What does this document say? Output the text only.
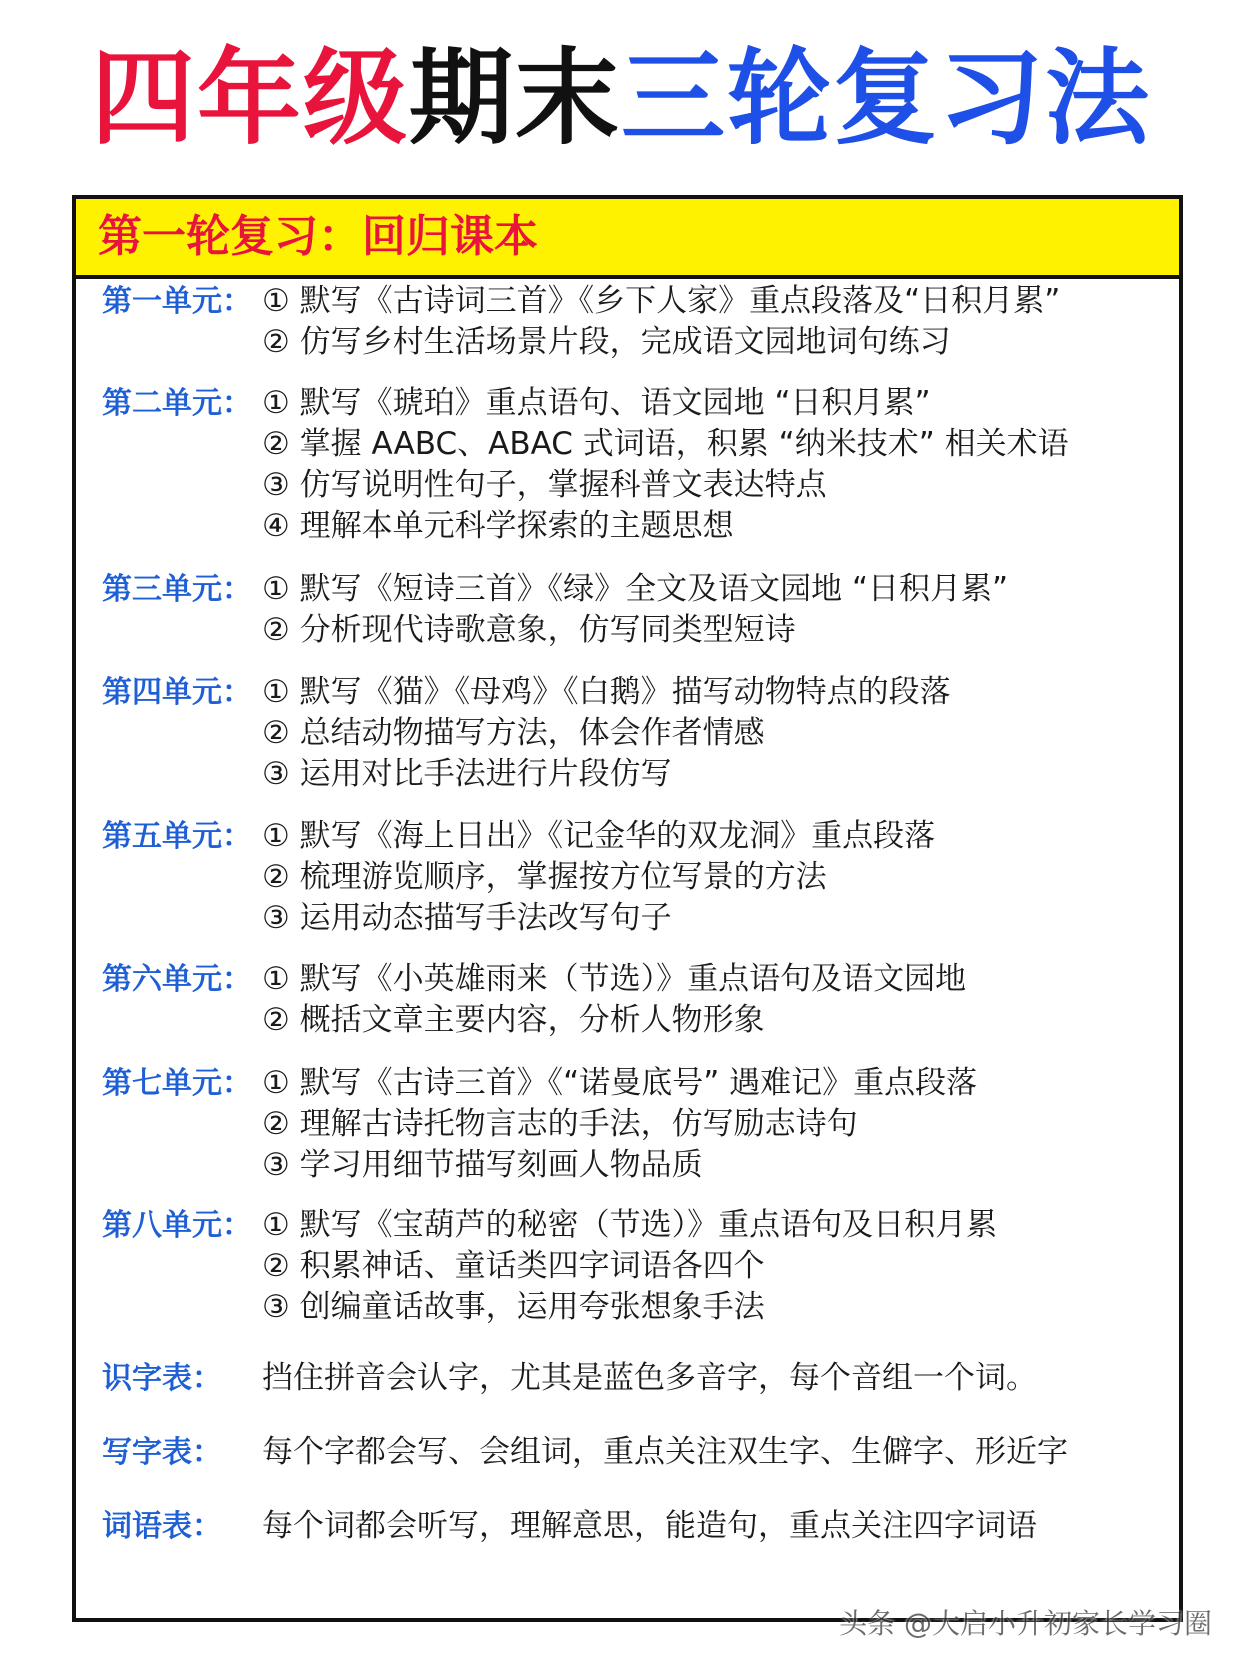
四年级期末三轮复习法
第一轮复习：回归课本
第一单元： ① 默写《古诗词三首》《乡下人家》重点段落及“日积月累”
② 仿写乡村生活场景片段，完成语文园地词句练习
第二单元： ① 默写《琥珀》重点语句、语文园地 “日积月累”
② 掌握 AABC、ABAC 式词语，积累 “纳米技术” 相关术语
③ 仿写说明性句子，掌握科普文表达特点
④ 理解本单元科学探索的主题思想
第三单元： ① 默写《短诗三首》《绿》全文及语文园地 “日积月累”
② 分析现代诗歌意象，仿写同类型短诗
第四单元： ① 默写《猫》《母鸡》《白鹅》描写动物特点的段落
② 总结动物描写方法，体会作者情感
③ 运用对比手法进行片段仿写
第五单元： ① 默写《海上日出》《记金华的双龙洞》重点段落
② 梳理游览顺序，掌握按方位写景的方法
③ 运用动态描写手法改写句子
第六单元： ① 默写《小英雄雨来（节选）》重点语句及语文园地
② 概括文章主要内容，分析人物形象
第七单元： ① 默写《古诗三首》《“诺曼底号” 遇难记》重点段落
② 理解古诗托物言志的手法，仿写励志诗句
③ 学习用细节描写刻画人物品质
第八单元： ① 默写《宝葫芦的秘密（节选）》重点语句及日积月累
② 积累神话、童话类四字词语各四个
③ 创编童话故事，运用夸张想象手法
识字表： 挡住拼音会认字，尤其是蓝色多音字，每个音组一个词。
写字表： 每个字都会写、会组词，重点关注双生字、生僻字、形近字
词语表： 每个词都会听写，理解意思，能造句，重点关注四字词语
头条 @大启小升初家长学习圈
